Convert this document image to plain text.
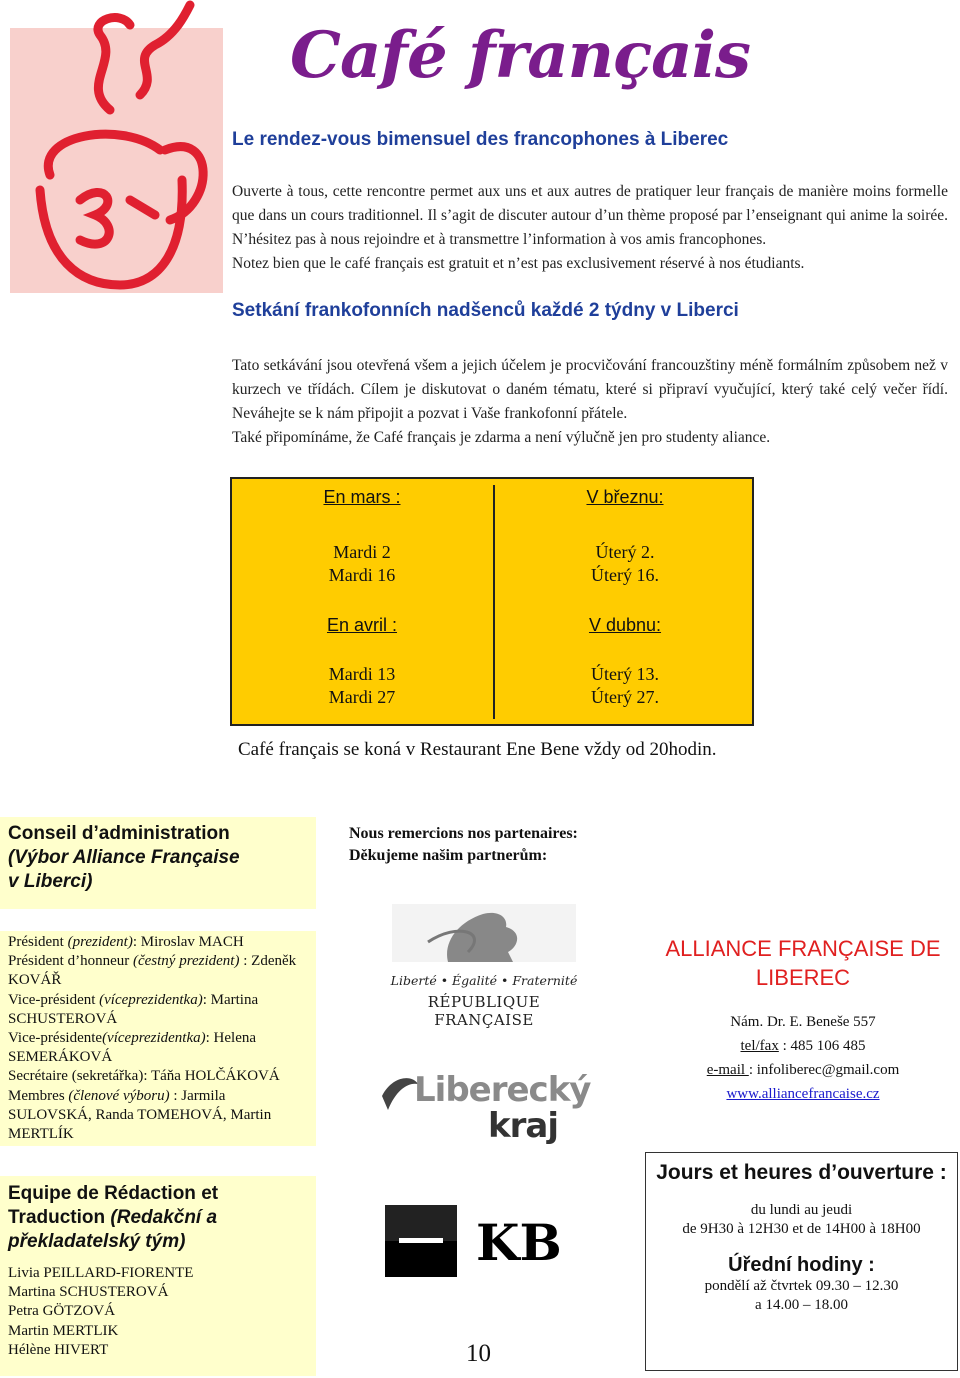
Café français
Le rendez-vous bimensuel des francophones à Liberec

Ouverte à tous, cette rencontre permet aux uns et aux autres de pratiquer leur français de manière moins formelle que dans un cours traditionnel. Il s’agit de discuter autour d’un thème proposé par l’enseignant qui anime la soirée. N’hésitez pas à nous rejoindre et à transmettre l’information à vos amis francophones.

Notez bien que le café français est gratuit et n’est pas exclusivement réservé à nos étudiants.

Setkání frankofonních nadšenců každé 2 týdny v Liberci

Tato setkávání jsou otevřená všem a jejich účelem je procvičování francouzštiny méně formálním způsobem než v kurzech ve třídách. Cílem je diskutovat o daném tématu, které si připraví vyučující, který také celý večer řídí. Neváhejte se k nám připojit a pozvat i Vaše frankofonní přátele.

Také připomínáme, že Café français je zdarma a není výlučně jen pro studenty aliance.

En mars :
Mardi 2
Mardi 16
En avril :
Mardi 13
Mardi 27
V březnu:
Úterý 2.
Úterý 16.
V dubnu:
Úterý 13.
Úterý 27.
Café français se koná v Restaurant Ene Bene vždy od 20hodin.
Conseil d’administration
(Výbor Alliance Française
v Liberci)
Président (prezident): Miroslav MACH
Président d’honneur (čestný prezident) : Zdeněk KOVÁŘ
Vice-président (víceprezidentka): Martina SCHUSTEROVÁ
Vice-présidente(víceprezidentka): Helena SEMERÁKOVÁ
Secrétaire (sekretářka): Táňa HOLČÁKOVÁ
Membres (členové výboru) : Jarmila SULOVSKÁ, Randa TOMEHOVÁ, Martin MERTLÍK
Equipe de Rédaction et Traduction (Redakční a překladatelský tým)
Livia PEILLARD-FIORENTE
Martina SCHUSTEROVÁ
Petra GÖTZOVÁ
Martin MERTLIK
Hélène HIVERT
Nous remercions nos partenaires:
Děkujeme našim partnerům:
Liberté • Égalité • Fraternité
RÉPUBLIQUE FRANÇAISE
Liberecký
kraj
KB
ALLIANCE FRANÇAISE DE LIBEREC
Nám. Dr. E. Beneše 557
tel/fax : 485 106 485
e-mail : infoliberec@gmail.com
www.alliancefrancaise.cz
Jours et heures d’ouverture :
du lundi au jeudi
de 9H30 à 12H30 et de 14H00 à 18H00
Úřední hodiny :
pondělí až čtvrtek 09.30 – 12.30
a 14.00 – 18.00
10
